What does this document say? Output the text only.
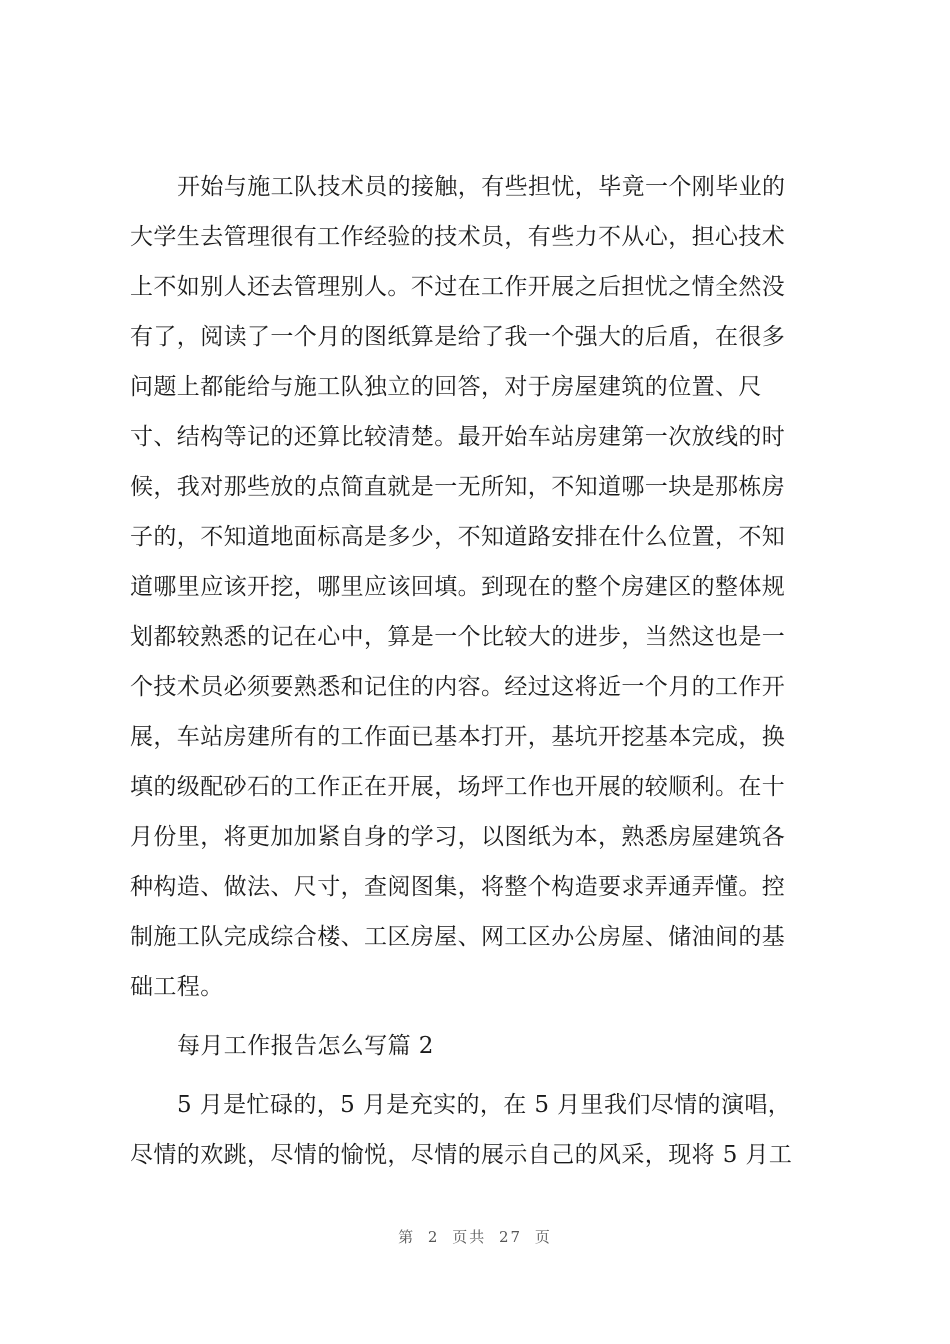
开始与施工队技术员的接触，有些担忧，毕竟一个刚毕业的
大学生去管理很有工作经验的技术员，有些力不从心，担心技术
上不如别人还去管理别人。不过在工作开展之后担忧之情全然没
有了，阅读了一个月的图纸算是给了我一个强大的后盾，在很多
问题上都能给与施工队独立的回答，对于房屋建筑的位置、尺
寸、结构等记的还算比较清楚。最开始车站房建第一次放线的时
候，我对那些放的点简直就是一无所知，不知道哪一块是那栋房
子的，不知道地面标高是多少，不知道路安排在什么位置，不知
道哪里应该开挖，哪里应该回填。到现在的整个房建区的整体规
划都较熟悉的记在心中，算是一个比较大的进步，当然这也是一
个技术员必须要熟悉和记住的内容。经过这将近一个月的工作开
展，车站房建所有的工作面已基本打开，基坑开挖基本完成，换
填的级配砂石的工作正在开展，场坪工作也开展的较顺利。在十
月份里，将更加加紧自身的学习，以图纸为本，熟悉房屋建筑各
种构造、做法、尺寸，查阅图集，将整个构造要求弄通弄懂。控
制施工队完成综合楼、工区房屋、网工区办公房屋、储油间的基
础工程。
每月工作报告怎么写篇 2
5 月是忙碌的，5 月是充实的，在 5 月里我们尽情的演唱，
尽情的欢跳，尽情的愉悦，尽情的展示自己的风采，现将 5 月工
第 2 页共 27 页
